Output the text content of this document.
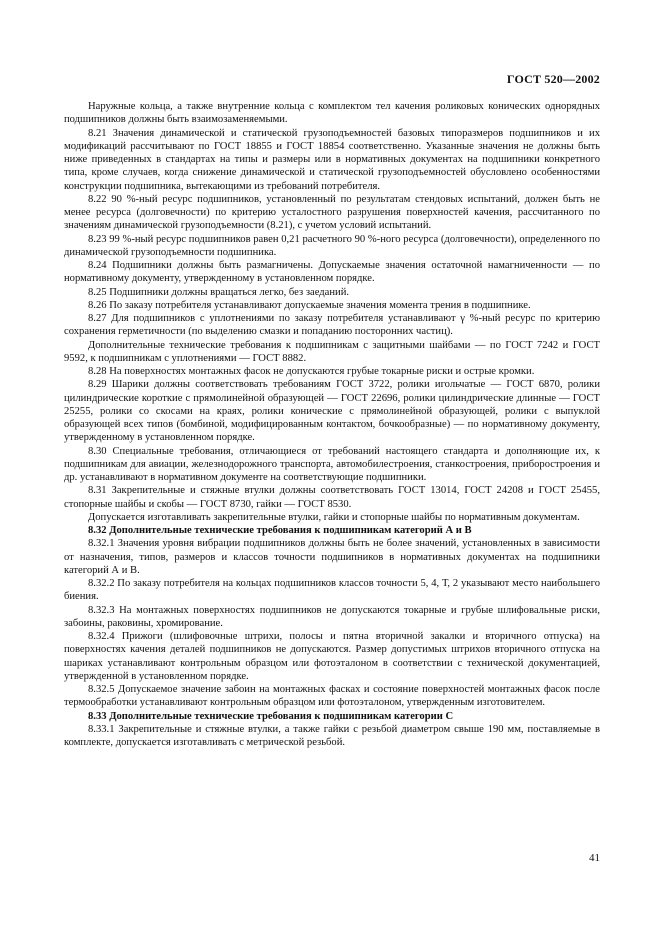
ГОСТ 520—2002

Наружные кольца, а также внутренние кольца с комплектом тел качения роликовых конических однорядных подшипников должны быть взаимозаменяемыми.

8.21 Значения динамической и статической грузоподъемностей базовых типоразмеров подшипников и их модификаций рассчитывают по ГОСТ 18855 и ГОСТ 18854 соответственно. Указанные значения не должны быть ниже приведенных в стандартах на типы и размеры или в нормативных документах на подшипники конкретного типа, кроме случаев, когда снижение динамической и статической грузоподъемностей обусловлено особенностями конструкции подшипника, вытекающими из требований потребителя.

8.22 90 %-ный ресурс подшипников, установленный по результатам стендовых испытаний, должен быть не менее ресурса (долговечности) по критерию усталостного разрушения поверхностей качения, рассчитанного по значениям динамической грузоподъемности (8.21), с учетом условий испытаний.

8.23 99 %-ный ресурс подшипников равен 0,21 расчетного 90 %-ного ресурса (долговечности), определенного по динамической грузоподъемности подшипника.

8.24 Подшипники должны быть размагничены. Допускаемые значения остаточной намагниченности — по нормативному документу, утвержденному в установленном порядке.

8.25 Подшипники должны вращаться легко, без заеданий.

8.26 По заказу потребителя устанавливают допускаемые значения момента трения в подшипнике.

8.27 Для подшипников с уплотнениями по заказу потребителя устанавливают γ %-ный ресурс по критерию сохранения герметичности (по выделению смазки и попаданию посторонних частиц).

Дополнительные технические требования к подшипникам с защитными шайбами — по ГОСТ 7242 и ГОСТ 9592, к подшипникам с уплотнениями — ГОСТ 8882.

8.28 На поверхностях монтажных фасок не допускаются грубые токарные риски и острые кромки.

8.29 Шарики должны соответствовать требованиям ГОСТ 3722, ролики игольчатые — ГОСТ 6870, ролики цилиндрические короткие с прямолинейной образующей — ГОСТ 22696, ролики цилиндрические длинные — ГОСТ 25255, ролики со скосами на краях, ролики конические с прямолинейной образующей, ролики с выпуклой образующей всех типов (бомбиной, модифицированным контактом, бочкообразные) — по нормативному документу, утвержденному в установленном порядке.

8.30 Специальные требования, отличающиеся от требований настоящего стандарта и дополняющие их, к подшипникам для авиации, железнодорожного транспорта, автомобилестроения, станкостроения, приборостроения и др. устанавливают в нормативном документе на соответствующие подшипники.

8.31 Закрепительные и стяжные втулки должны соответствовать ГОСТ 13014, ГОСТ 24208 и ГОСТ 25455, стопорные шайбы и скобы — ГОСТ 8730, гайки — ГОСТ 8530.

Допускается изготавливать закрепительные втулки, гайки и стопорные шайбы по нормативным документам.

8.32 Дополнительные технические требования к подшипникам категорий А и В

8.32.1 Значения уровня вибрации подшипников должны быть не более значений, установленных в зависимости от назначения, типов, размеров и классов точности подшипников в нормативных документах на подшипники категорий А и В.

8.32.2 По заказу потребителя на кольцах подшипников классов точности 5, 4, Т, 2 указывают место наибольшего биения.

8.32.3 На монтажных поверхностях подшипников не допускаются токарные и грубые шлифовальные риски, забоины, раковины, хромирование.

8.32.4 Прижоги (шлифовочные штрихи, полосы и пятна вторичной закалки и вторичного отпуска) на поверхностях качения деталей подшипников не допускаются. Размер допустимых штрихов вторичного отпуска на шариках устанавливают контрольным образцом или фотоэталоном в соответствии с технической документацией, утвержденной в установленном порядке.

8.32.5 Допускаемое значение забоин на монтажных фасках и состояние поверхностей монтажных фасок после термообработки устанавливают контрольным образцом или фотоэталоном, утвержденным изготовителем.

8.33 Дополнительные технические требования к подшипникам категории С

8.33.1 Закрепительные и стяжные втулки, а также гайки с резьбой диаметром свыше 190 мм, поставляемые в комплекте, допускается изготавливать с метрической резьбой.

41
